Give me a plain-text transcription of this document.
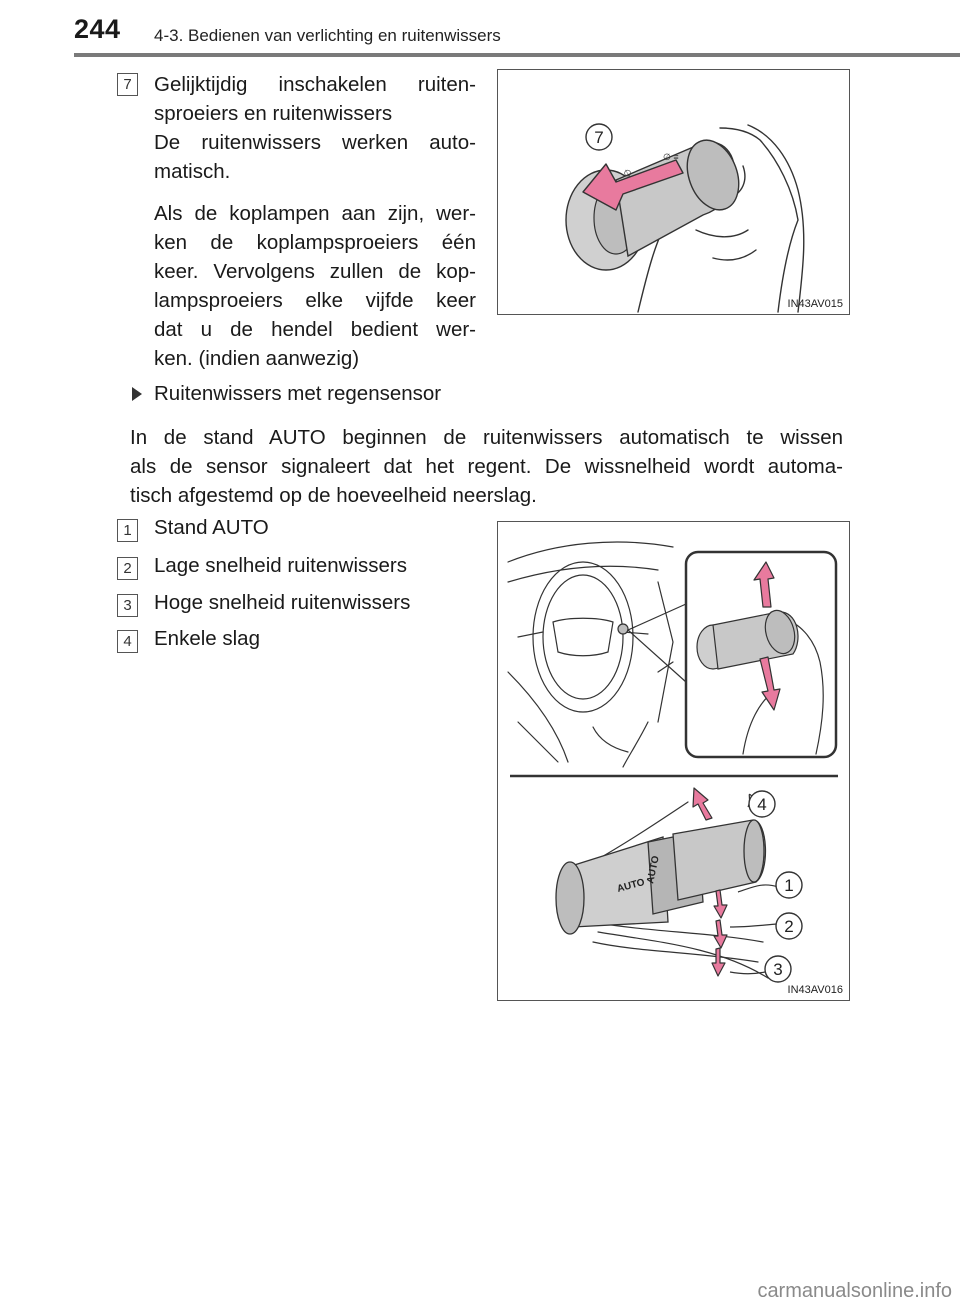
244 4-3. Bedienen van verlichting en ruitenwissers
7	Gelijktijdig inschakelen ruiten-
sproeiers en ruitenwissers
De ruitenwissers werken auto-
matisch.

Als de koplampen aan zijn, wer-
ken de koplampsproeiers één
keer. Vervolgens zullen de kop-
lampsproeiers elke vijfde keer
dat u de hendel bedient wer-
ken. (indien aanwezig)

∅ ≡
7
IN43AV015
Ruitenwissers met regensensor
In de stand AUTO beginnen de ruitenwissers automatisch te wissen
als de sensor signaleert dat het regent. De wissnelheid wordt automa-
tisch afgestemd op de hoeveelheid neerslag.
1	Stand AUTO
2	Lage snelheid ruitenwissers
3	Hoge snelheid ruitenwissers
4	Enkele slag
AUTO
AUTO
4
1
2
3
IN43AV016
carmanualsonline.info
